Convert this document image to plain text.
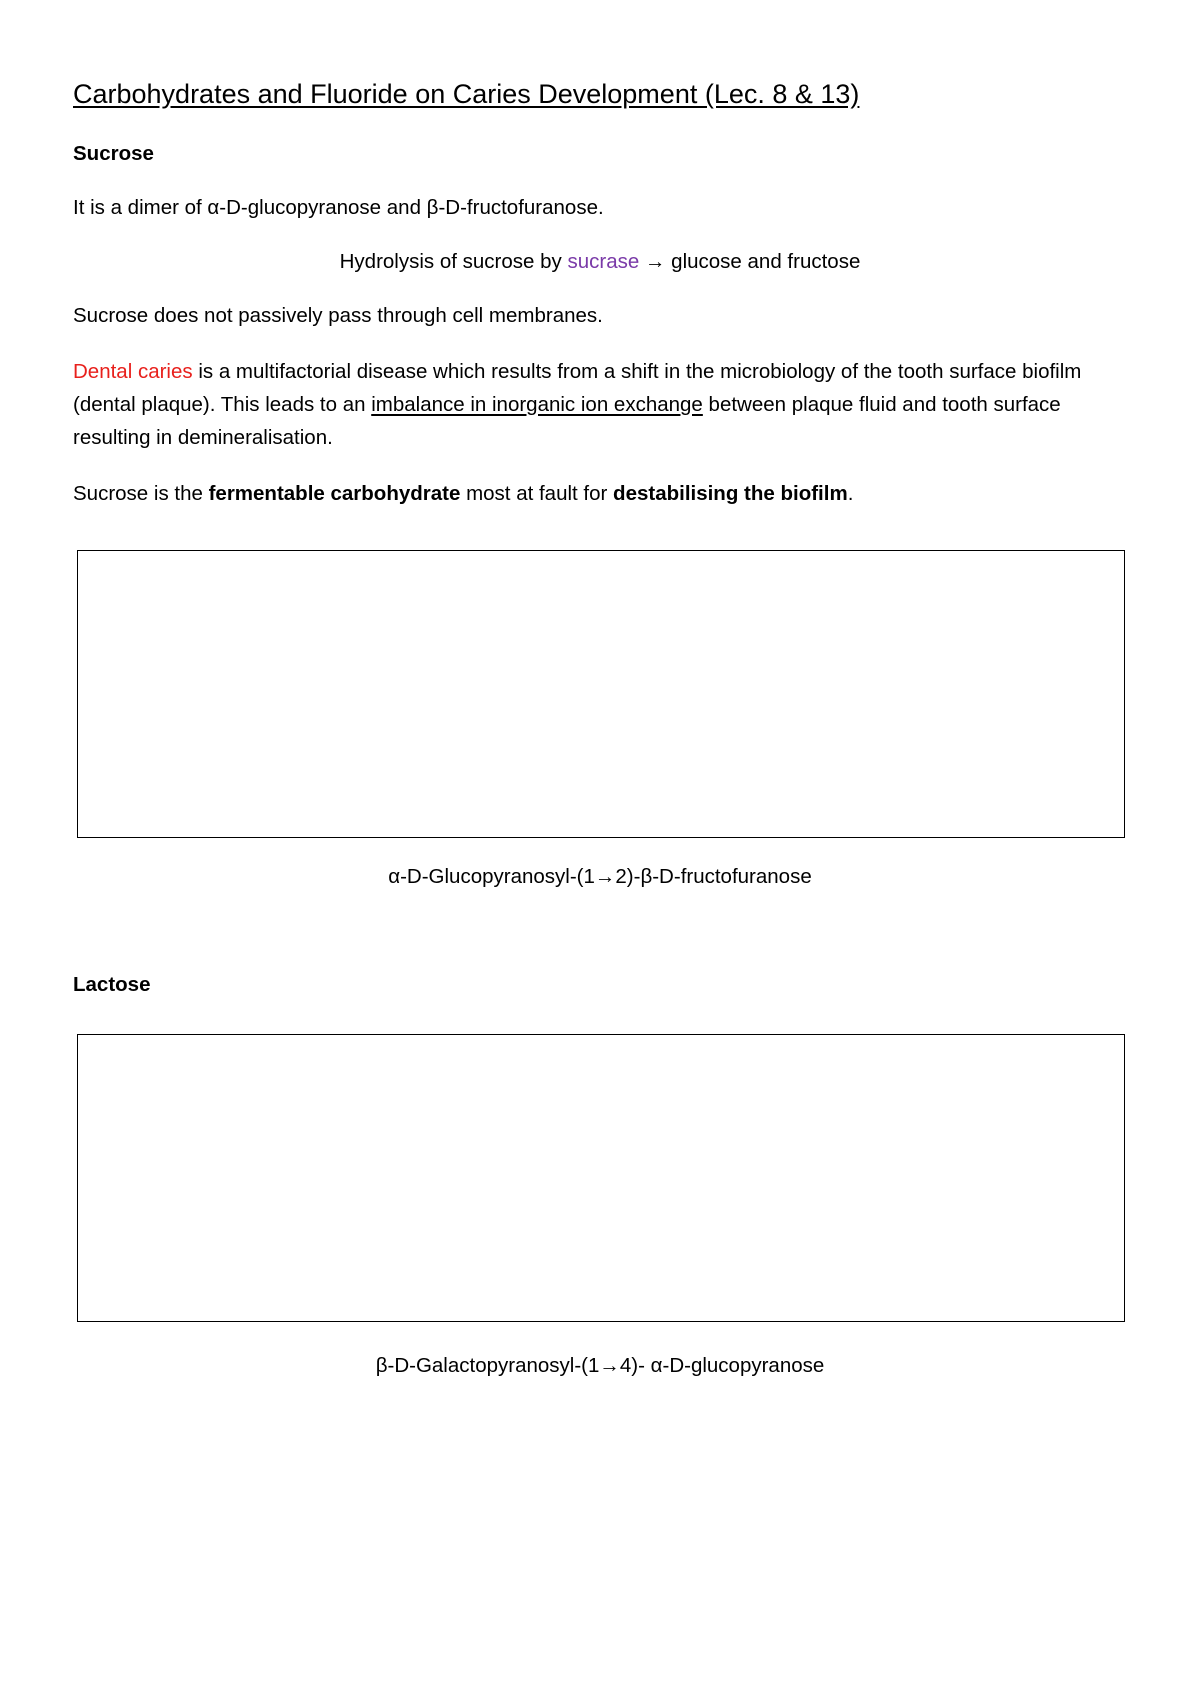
Carbohydrates and Fluoride on Caries Development (Lec. 8 & 13)
Sucrose
It is a dimer of α-D-glucopyranose and β-D-fructofuranose.
Hydrolysis of sucrose by sucrase → glucose and fructose
Sucrose does not passively pass through cell membranes.
Dental caries is a multifactorial disease which results from a shift in the microbiology of the tooth surface biofilm (dental plaque). This leads to an imbalance in inorganic ion exchange between plaque fluid and tooth surface resulting in demineralisation.
Sucrose is the fermentable carbohydrate most at fault for destabilising the biofilm.
α-D-Glucopyranosyl-(1→2)-β-D-fructofuranose
Lactose
β-D-Galactopyranosyl-(1→4)- α-D-glucopyranose
